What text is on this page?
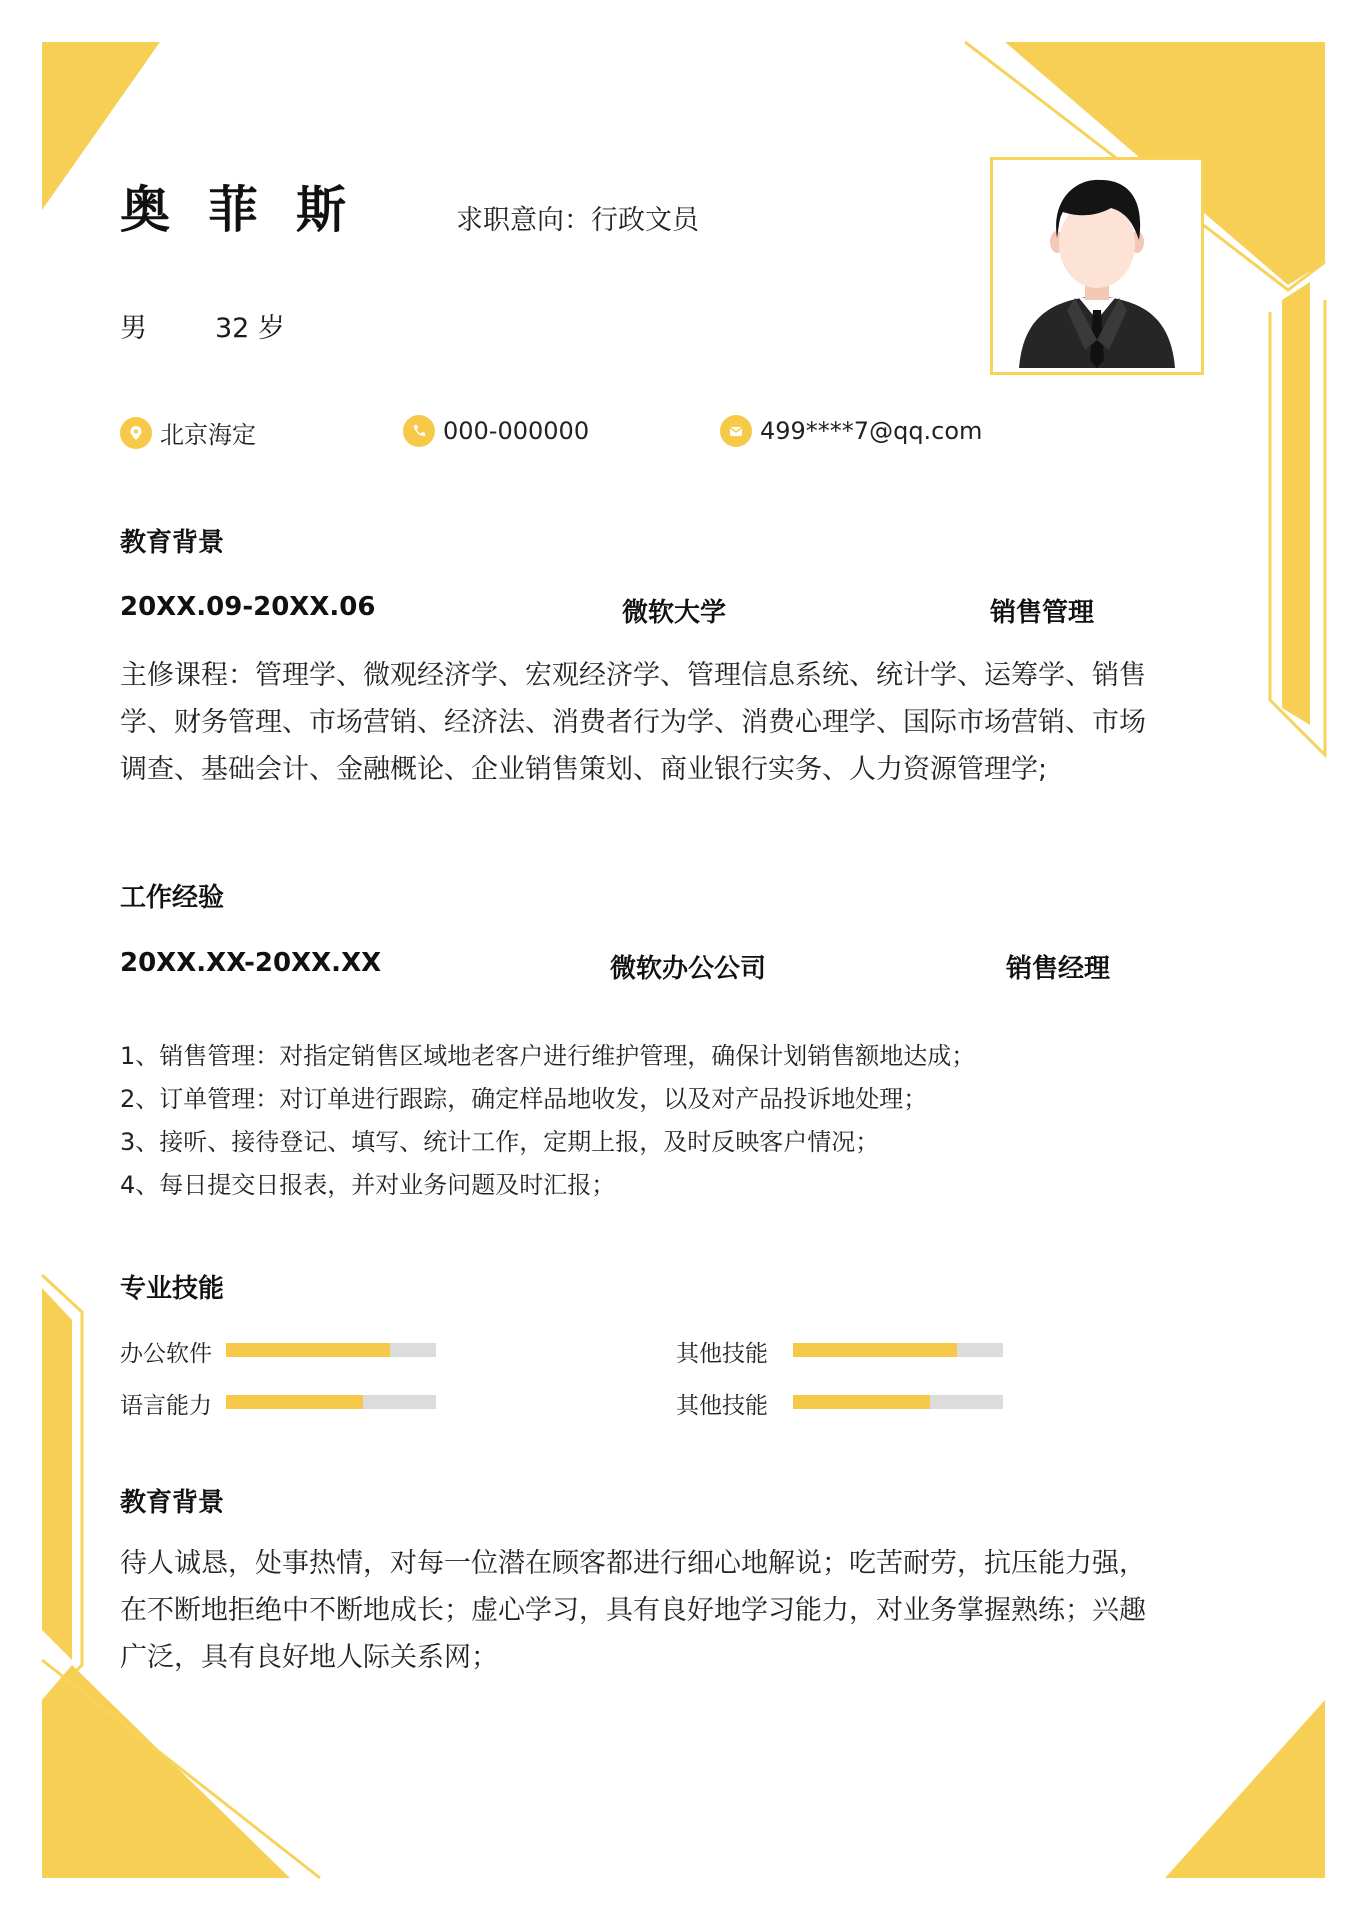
奥菲斯	求职意向：行政文员
男	32 岁
北京海定	000-000000	499****7@qq.com
教育背景
20XX.09-20XX.06	微软大学	销售管理
主修课程：管理学、微观经济学、宏观经济学、管理信息系统、统计学、运筹学、销售学、财务管理、市场营销、经济法、消费者行为学、消费心理学、国际市场营销、市场调查、基础会计、金融概论、企业销售策划、商业银行实务、人力资源管理学;
工作经验
20XX.XX-20XX.XX	微软办公公司	销售经理
1、销售管理：对指定销售区域地老客户进行维护管理，确保计划销售额地达成；
2、订单管理：对订单进行跟踪，确定样品地收发，以及对产品投诉地处理；
3、接听、接待登记、填写、统计工作，定期上报，及时反映客户情况；
4、每日提交日报表，并对业务问题及时汇报；
专业技能
办公软件	其他技能
语言能力	其他技能
教育背景
待人诚恳，处事热情，对每一位潜在顾客都进行细心地解说；吃苦耐劳，抗压能力强，在不断地拒绝中不断地成长；虚心学习，具有良好地学习能力，对业务掌握熟练；兴趣广泛，具有良好地人际关系网；
